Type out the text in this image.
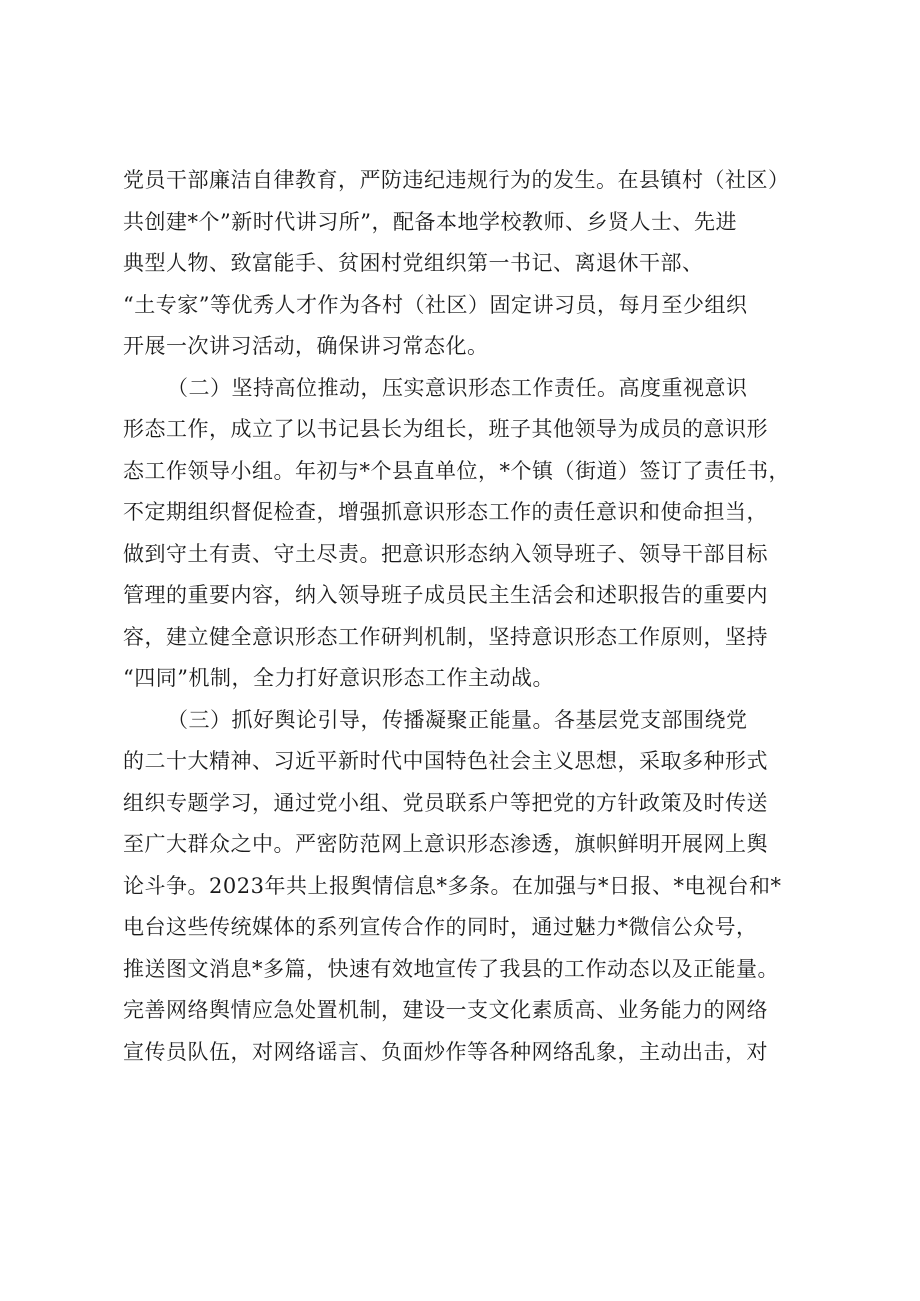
党员干部廉洁自律教育，严防违纪违规行为的发生。在县镇村（社区）
共创建*个”新时代讲习所”，配备本地学校教师、乡贤人士、先进
典型人物、致富能手、贫困村党组织第一书记、离退休干部、
“土专家”等优秀人才作为各村（社区）固定讲习员，每月至少组织
开展一次讲习活动，确保讲习常态化。
（二）坚持高位推动，压实意识形态工作责任。高度重视意识
形态工作，成立了以书记县长为组长，班子其他领导为成员的意识形
态工作领导小组。年初与*个县直单位，*个镇（街道）签订了责任书，
不定期组织督促检查，增强抓意识形态工作的责任意识和使命担当，
做到守土有责、守土尽责。把意识形态纳入领导班子、领导干部目标
管理的重要内容，纳入领导班子成员民主生活会和述职报告的重要内
容，建立健全意识形态工作研判机制，坚持意识形态工作原则，坚持
“四同”机制，全力打好意识形态工作主动战。
（三）抓好舆论引导，传播凝聚正能量。各基层党支部围绕党
的二十大精神、习近平新时代中国特色社会主义思想，采取多种形式
组织专题学习，通过党小组、党员联系户等把党的方针政策及时传送
至广大群众之中。严密防范网上意识形态渗透，旗帜鲜明开展网上舆
论斗争。2023年共上报舆情信息*多条。在加强与*日报、*电视台和*
电台这些传统媒体的系列宣传合作的同时，通过魅力*微信公众号，
推送图文消息*多篇，快速有效地宣传了我县的工作动态以及正能量。
完善网络舆情应急处置机制，建设一支文化素质高、业务能力的网络
宣传员队伍，对网络谣言、负面炒作等各种网络乱象，主动出击，对
